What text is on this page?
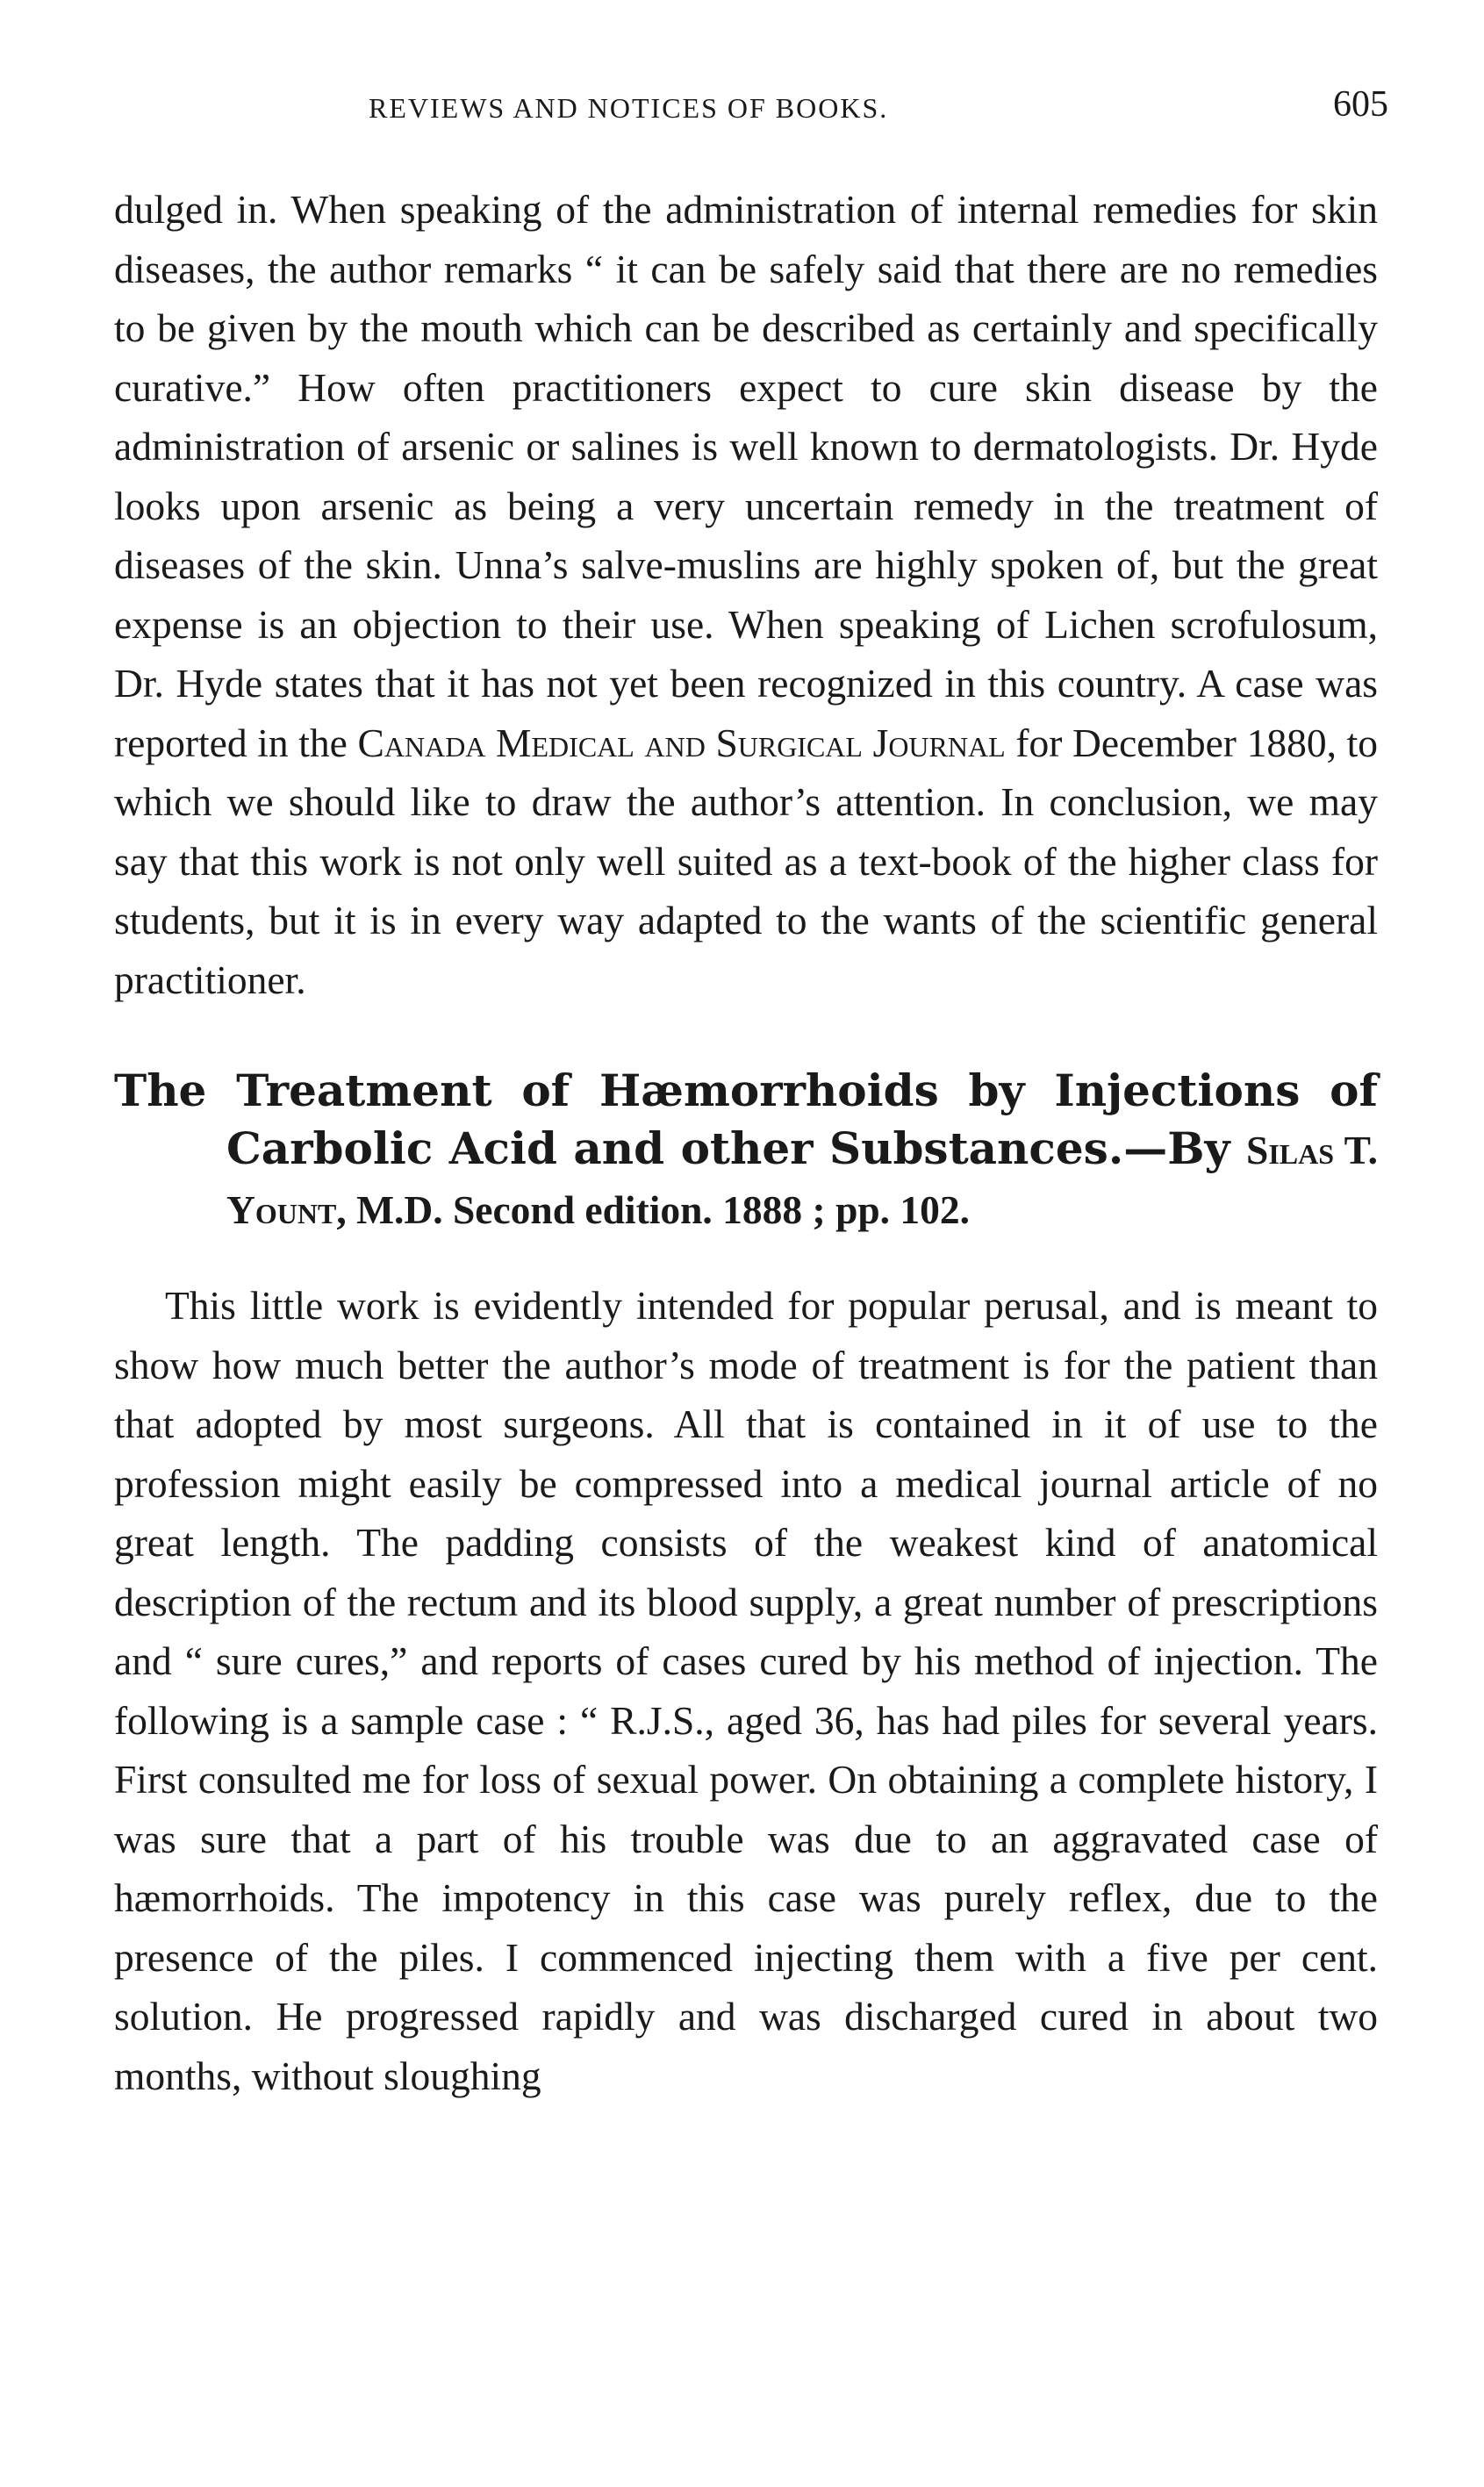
REVIEWS AND NOTICES OF BOOKS.	605

dulged in. When speaking of the administration of internal remedies for skin diseases, the author remarks “ it can be safely said that there are no remedies to be given by the mouth which can be described as certainly and specifically curative.” How often practitioners expect to cure skin disease by the administration of arsenic or salines is well known to dermatologists. Dr. Hyde looks upon arsenic as being a very uncertain remedy in the treatment of diseases of the skin. Unna’s salve-muslins are highly spoken of, but the great expense is an objection to their use. When speaking of Lichen scrofulosum, Dr. Hyde states that it has not yet been recognized in this country. A case was reported in the Canada Medical and Surgical Journal for December 1880, to which we should like to draw the author’s attention. In conclusion, we may say that this work is not only well suited as a text-book of the higher class for students, but it is in every way adapted to the wants of the scientific general practitioner.

The Treatment of Hæmorrhoids by Injections of Carbolic Acid and other Substances.—By Silas T. Yount, M.D. Second edition. 1888 ; pp. 102.

This little work is evidently intended for popular perusal, and is meant to show how much better the author’s mode of treatment is for the patient than that adopted by most surgeons. All that is contained in it of use to the profession might easily be compressed into a medical journal article of no great length. The padding consists of the weakest kind of anatomical description of the rectum and its blood supply, a great number of prescriptions and “ sure cures,” and reports of cases cured by his method of injection. The following is a sample case : “ R.J.S., aged 36, has had piles for several years. First consulted me for loss of sexual power. On obtaining a complete history, I was sure that a part of his trouble was due to an aggravated case of hæmorrhoids. The impotency in this case was purely reflex, due to the presence of the piles. I commenced injecting them with a five per cent. solution. He progressed rapidly and was discharged cured in about two months, without sloughing
